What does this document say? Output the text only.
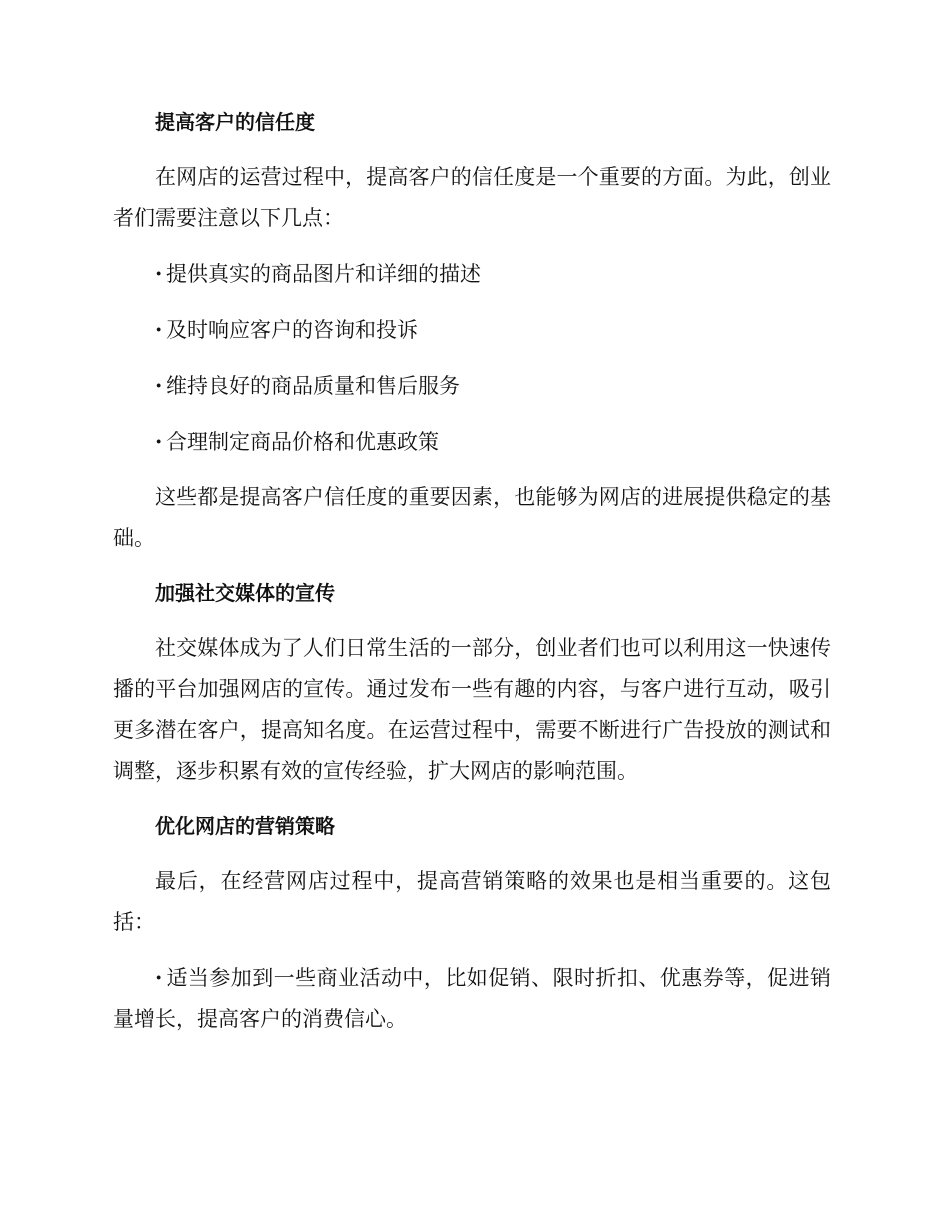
提高客户的信任度
在网店的运营过程中，提高客户的信任度是一个重要的方面。为此，创业者们需要注意以下几点：
· 提供真实的商品图片和详细的描述
· 及时响应客户的咨询和投诉
· 维持良好的商品质量和售后服务
· 合理制定商品价格和优惠政策
这些都是提高客户信任度的重要因素，也能够为网店的进展提供稳定的基础。
加强社交媒体的宣传
社交媒体成为了人们日常生活的一部分，创业者们也可以利用这一快速传播的平台加强网店的宣传。通过发布一些有趣的内容，与客户进行互动，吸引更多潜在客户，提高知名度。在运营过程中，需要不断进行广告投放的测试和调整，逐步积累有效的宣传经验，扩大网店的影响范围。
优化网店的营销策略
最后，在经营网店过程中，提高营销策略的效果也是相当重要的。这包括：
· 适当参加到一些商业活动中，比如促销、限时折扣、优惠券等，促进销量增长，提高客户的消费信心。
